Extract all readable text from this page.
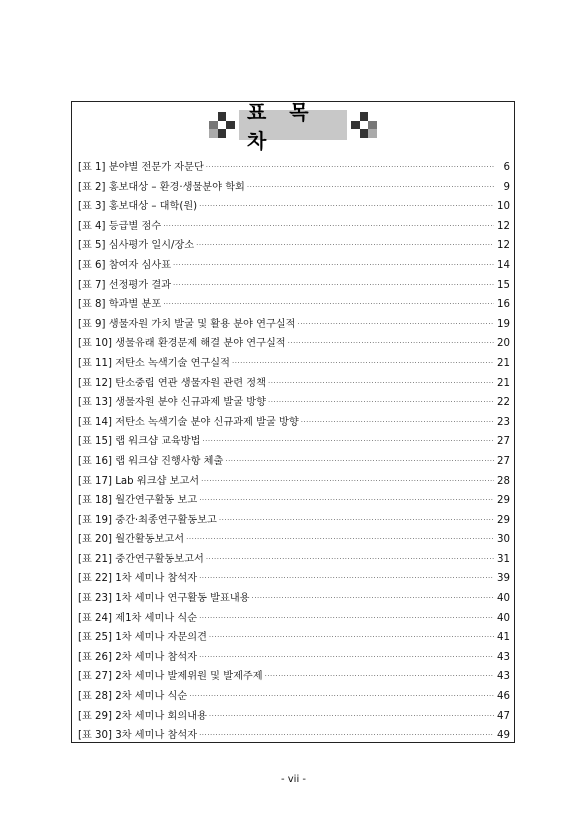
표 목 차
[표 1] 분야별 전문가 자문단 ·····	6
[표 2] 홍보대상 – 환경·생물분야 학회 ·····	9
[표 3] 홍보대상 – 대학(원) ·····	10
[표 4] 등급별 점수 ·····	12
[표 5] 심사평가 일시/장소 ·····	12
[표 6] 참여자 심사표 ·····	14
[표 7] 선정평가 결과 ·····	15
[표 8] 학과별 분포 ·····	16
[표 9] 생물자원 가치 발굴 및 활용 분야 연구실적 ·····	19
[표 10] 생물유래 환경문제 해결 분야 연구실적 ·····	20
[표 11] 저탄소 녹색기술 연구실적 ·····	21
[표 12] 탄소중립 연관 생물자원 관련 정책 ·····	21
[표 13] 생물자원 분야 신규과제 발굴 방향 ·····	22
[표 14] 저탄소 녹색기술 분야 신규과제 발굴 방향 ·····	23
[표 15] 랩 워크샵 교육방법 ·····	27
[표 16] 랩 워크샵 진행사항 체출 ·····	27
[표 17] Lab 워크샵 보고서 ·····	28
[표 18] 월간연구활동 보고 ·····	29
[표 19] 중간·최종연구활동보고 ·····	29
[표 20] 월간활동보고서 ·····	30
[표 21] 중간연구활동보고서 ·····	31
[표 22] 1차 세미나 참석자 ·····	39
[표 23] 1차 세미나 연구활동 발표내용 ·····	40
[표 24] 제1차 세미나 식순 ·····	40
[표 25] 1차 세미나 자문의견 ·····	41
[표 26] 2차 세미나 참석자 ·····	43
[표 27] 2차 세미나 발제위원 및 발제주제 ·····	43
[표 28] 2차 세미나 식순 ·····	46
[표 29] 2차 세미나 회의내용 ·····	47
[표 30] 3차 세미나 참석자 ·····	49
- vii -
